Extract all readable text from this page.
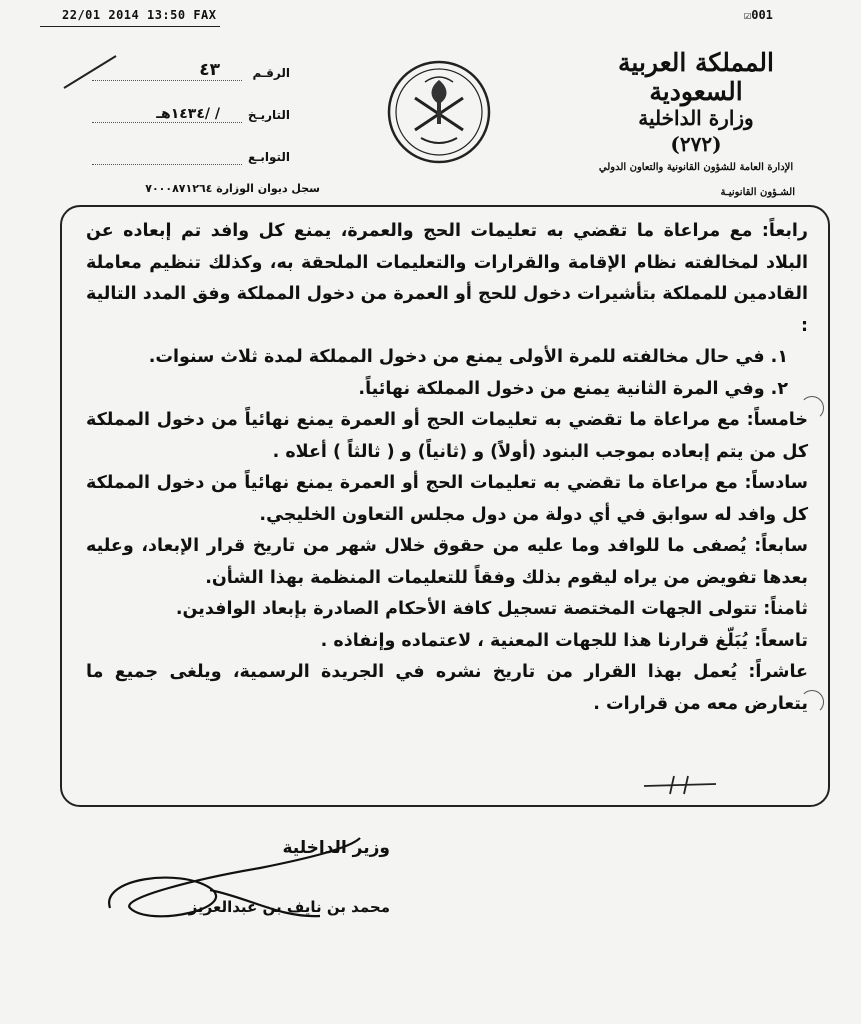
22/01 2014 13:50 FAX	☑001
المملكة العربية السعودية
وزارة الداخلية
(٢٧٢)
الإدارة العامة للشؤون القانونية والتعاون الدولي
الشـؤون القانونيـة
الرقـم
٤٣
التاريـخ
/ /١٤٣٤هـ
التوابـع
سجل ديوان الوزارة ٧٠٠٠٨٧١٢٦٤

رابعاً: مع مراعاة ما تقضي به تعليمات الحج والعمرة، يمنع كل وافد تم إبعاده عن البلاد لمخالفته نظام الإقامة والقرارات والتعليمات الملحقة به، وكذلك تنظيم معاملة القادمين للمملكة بتأشيرات دخول للحج أو العمرة من دخول المملكة وفق المدد التالية :

١. في حال مخالفته للمرة الأولى يمنع من دخول المملكة لمدة ثلاث سنوات.

٢. وفي المرة الثانية يمنع من دخول المملكة نهائياً.

خامساً: مع مراعاة ما تقضي به تعليمات الحج أو العمرة يمنع نهائياً من دخول المملكة كل من يتم إبعاده بموجب البنود (أولاً) و (ثانياً) و ( ثالثاً ) أعلاه .

سادساً: مع مراعاة ما تقضي به تعليمات الحج أو العمرة يمنع نهائياً من دخول المملكة كل وافد له سوابق في أي دولة من دول مجلس التعاون الخليجي.

سابعاً: يُصفى ما للوافد وما عليه من حقوق خلال شهر من تاريخ قرار الإبعاد، وعليه بعدها تفويض من يراه ليقوم بذلك وفقاً للتعليمات المنظمة بهذا الشأن.

ثامناً: تتولى الجهات المختصة تسجيل كافة الأحكام الصادرة بإبعاد الوافدين.

تاسعاً: يُبَلّغ قرارنا هذا للجهات المعنية ، لاعتماده وإنفاذه .

عاشراً: يُعمل بهذا القرار من تاريخ نشره في الجريدة الرسمية، ويلغى جميع ما يتعارض معه من قرارات .

وزير الداخلية
محمد بن نايف بن عبدالعزيز
